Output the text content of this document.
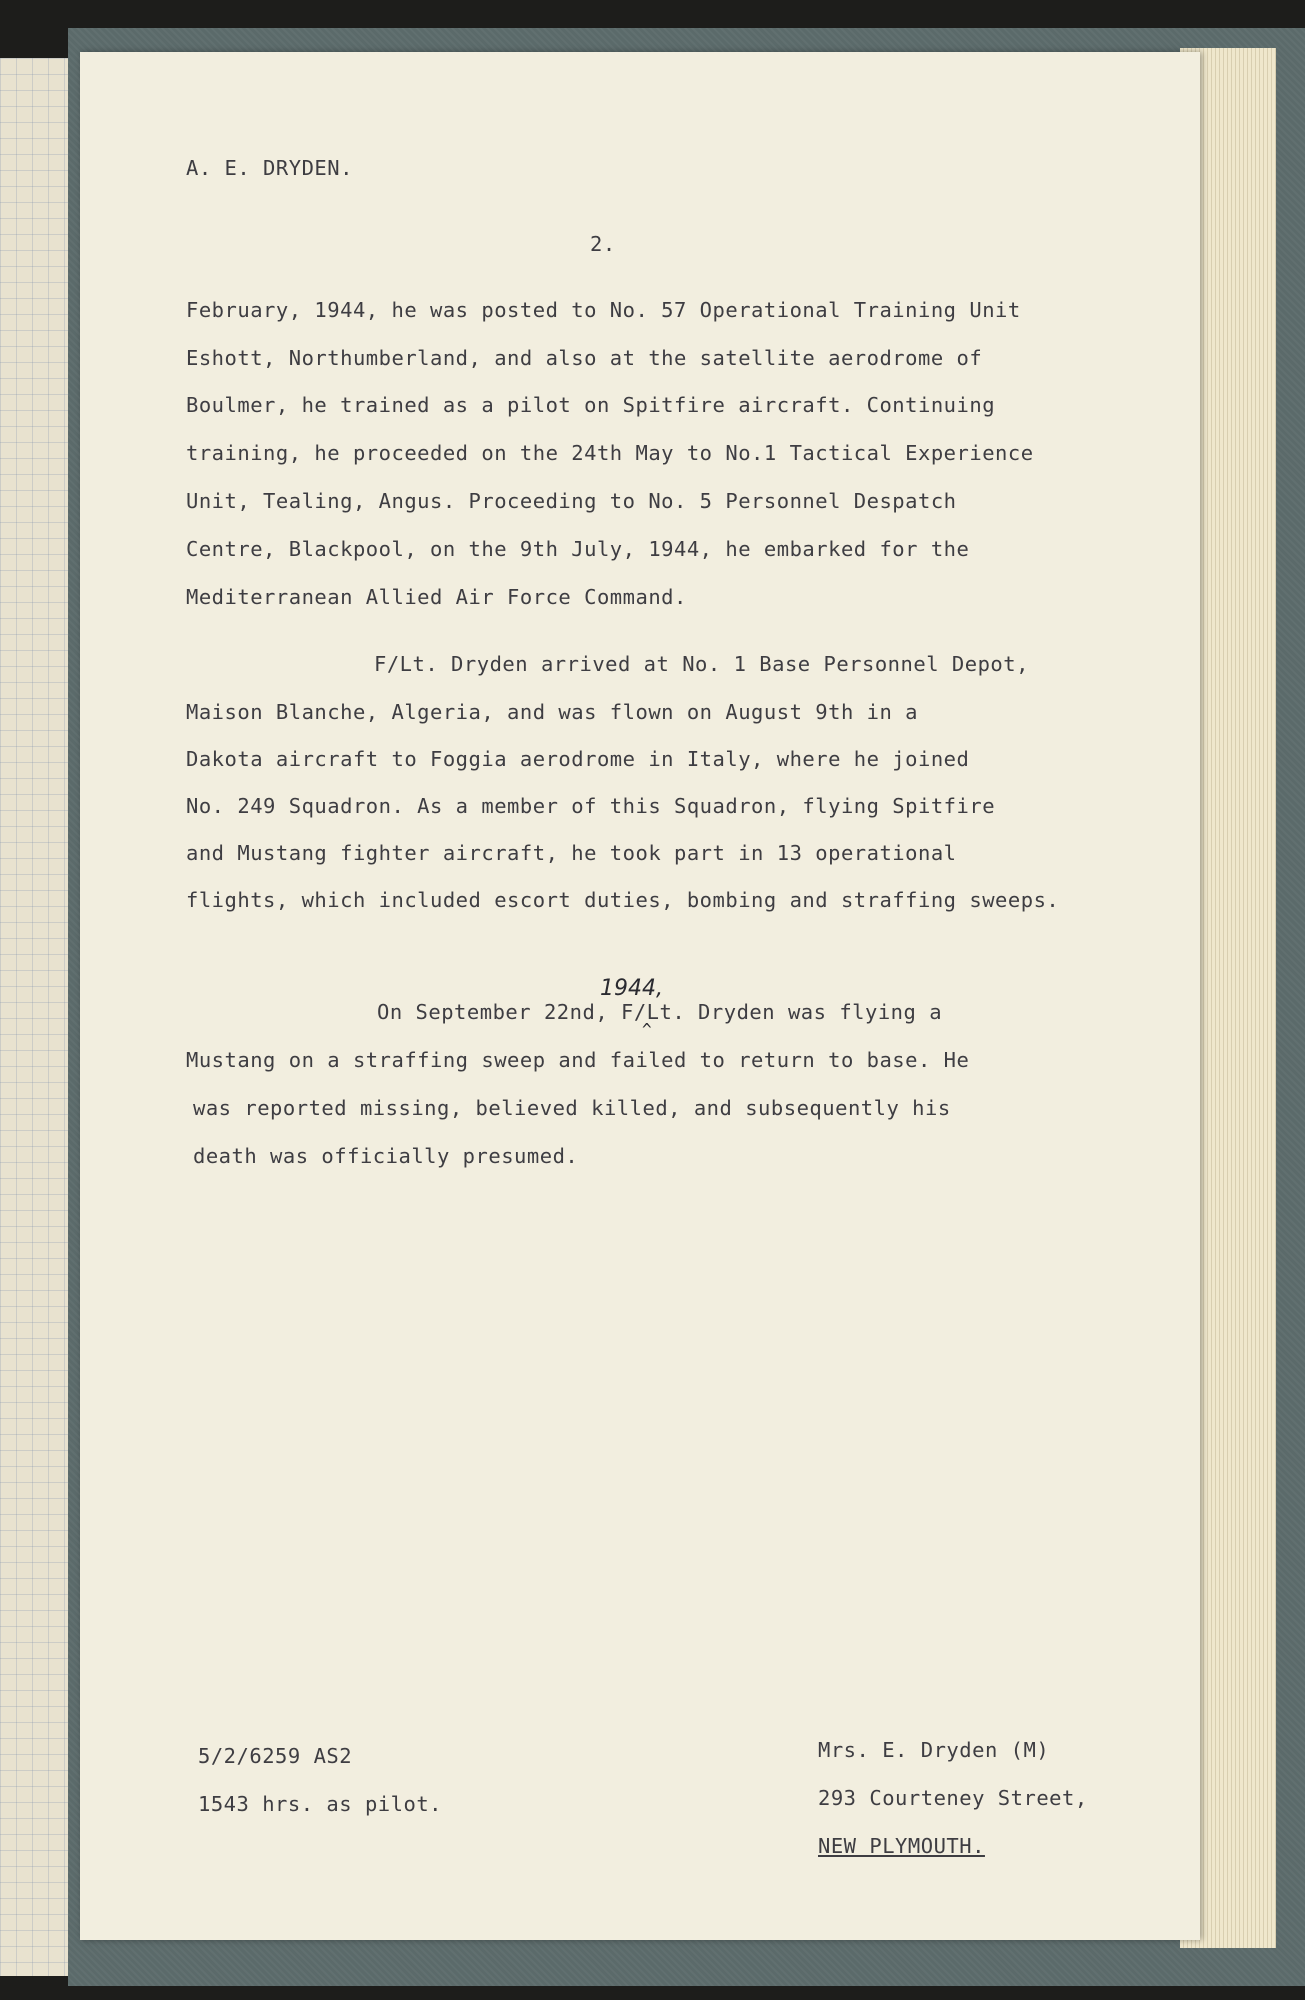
A. E. DRYDEN.
2.
February, 1944, he was posted to No. 57 Operational Training Unit
Eshott, Northumberland, and also at the satellite aerodrome of
Boulmer, he trained as a pilot on Spitfire aircraft. Continuing
training, he proceeded on the 24th May to No.1 Tactical Experience
Unit, Tealing, Angus. Proceeding to No. 5 Personnel Despatch
Centre, Blackpool, on the 9th July, 1944, he embarked for the
Mediterranean Allied Air Force Command.
F/Lt. Dryden arrived at No. 1 Base Personnel Depot,
Maison Blanche, Algeria, and was flown on August 9th in a
Dakota aircraft to Foggia aerodrome in Italy, where he joined
No. 249 Squadron. As a member of this Squadron, flying Spitfire
and Mustang fighter aircraft, he took part in 13 operational
flights, which included escort duties, bombing and straffing sweeps.
1944,
^
On September 22nd, F/Lt. Dryden was flying a
Mustang on a straffing sweep and failed to return to base. He
was reported missing, believed killed, and subsequently his
death was officially presumed.
5/2/6259 AS2
1543 hrs. as pilot.
Mrs. E. Dryden (M)
293 Courteney Street,
NEW PLYMOUTH.
